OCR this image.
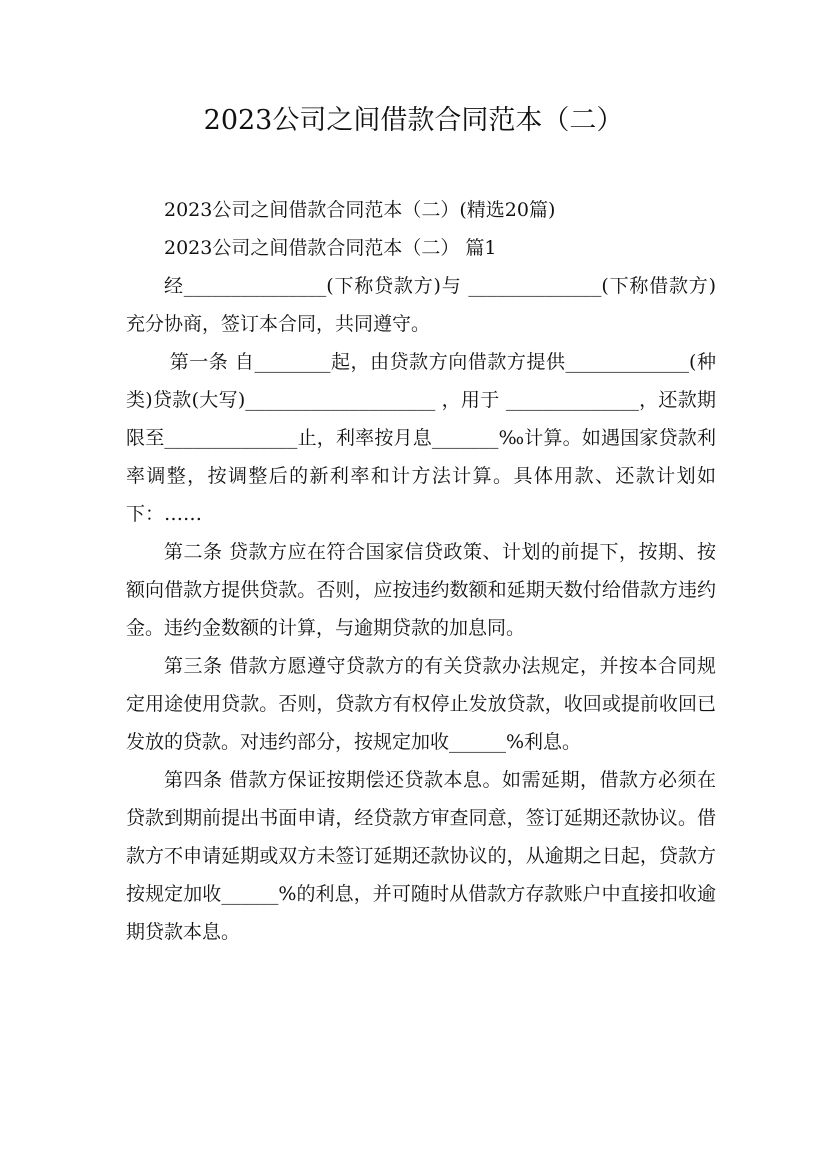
2023公司之间借款合同范本（二）

2023公司之间借款合同范本（二）(精选20篇)

2023公司之间借款合同范本（二） 篇1

经_______________(下称贷款方)与 ______________(下称借款方)充分协商，签订本合同，共同遵守。

第一条 自________起，由贷款方向借款方提供_____________(种类)贷款(大写)____________________ ，用于 ______________，还款期限至______________止，利率按月息_______‰计算。如遇国家贷款利率调整，按调整后的新利率和计方法计算。具体用款、还款计划如下：……

第二条 贷款方应在符合国家信贷政策、计划的前提下，按期、按额向借款方提供贷款。否则，应按违约数额和延期天数付给借款方违约金。违约金数额的计算，与逾期贷款的加息同。

第三条 借款方愿遵守贷款方的有关贷款办法规定，并按本合同规定用途使用贷款。否则，贷款方有权停止发放贷款，收回或提前收回已发放的贷款。对违约部分，按规定加收______%利息。

第四条 借款方保证按期偿还贷款本息。如需延期，借款方必须在贷款到期前提出书面申请，经贷款方审查同意，签订延期还款协议。借款方不申请延期或双方未签订延期还款协议的，从逾期之日起，贷款方按规定加收______%的利息，并可随时从借款方存款账户中直接扣收逾期贷款本息。
